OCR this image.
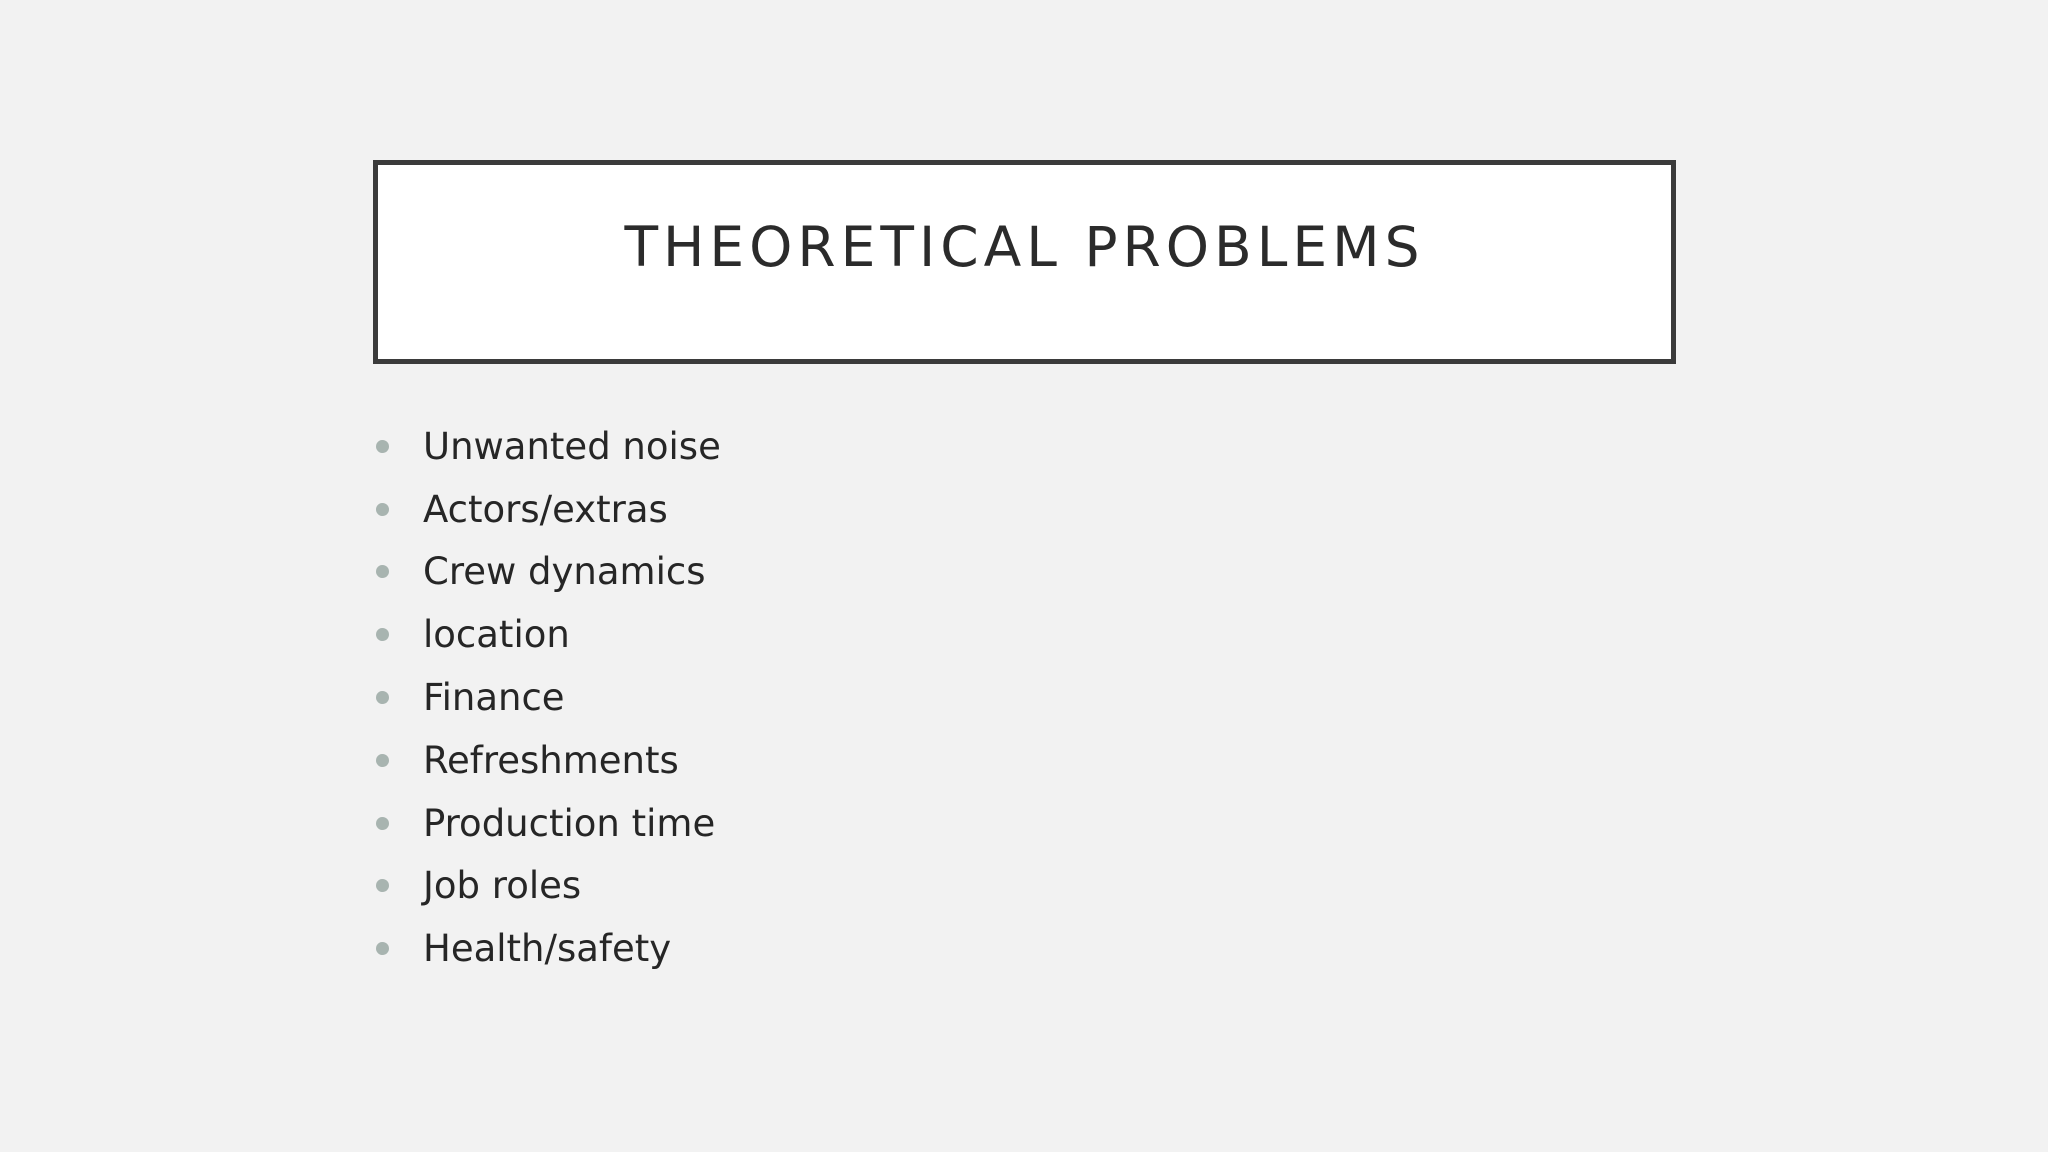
THEORETICAL PROBLEMS
Unwanted noise
Actors/extras
Crew dynamics
location
Finance
Refreshments
Production time
Job roles
Health/safety
